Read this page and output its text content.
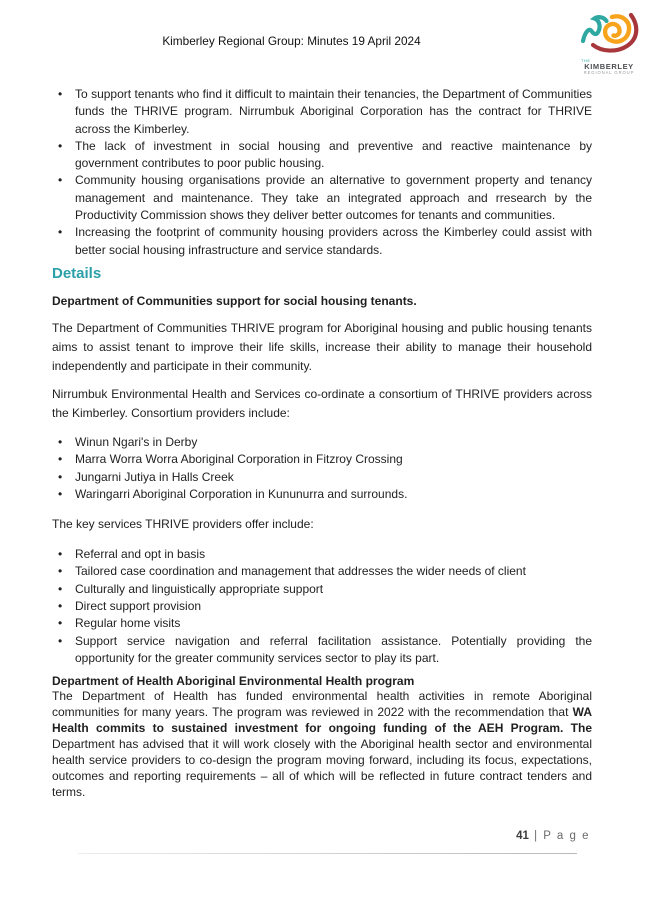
Kimberley Regional Group: Minutes 19 April 2024
THE
KIMBERLEY
REGIONAL GROUP
• To support tenants who find it difficult to maintain their tenancies, the Department of Communities funds the THRIVE program. Nirrumbuk Aboriginal Corporation has the contract for THRIVE across the Kimberley.
• The lack of investment in social housing and preventive and reactive maintenance by government contributes to poor public housing.
• Community housing organisations provide an alternative to government property and tenancy management and maintenance. They take an integrated approach and rresearch by the Productivity Commission shows they deliver better outcomes for tenants and communities.
• Increasing the footprint of community housing providers across the Kimberley could assist with better social housing infrastructure and service standards.
Details

Department of Communities support for social housing tenants.

The Department of Communities THRIVE program for Aboriginal housing and public housing tenants aims to assist tenant to improve their life skills, increase their ability to manage their household independently and participate in their community.

Nirrumbuk Environmental Health and Services co-ordinate a consortium of THRIVE providers across the Kimberley. Consortium providers include:

• Winun Ngari's in Derby
• Marra Worra Worra Aboriginal Corporation in Fitzroy Crossing
• Jungarni Jutiya in Halls Creek
• Waringarri Aboriginal Corporation in Kununurra and surrounds.

The key services THRIVE providers offer include:

• Referral and opt in basis
• Tailored case coordination and management that addresses the wider needs of client
• Culturally and linguistically appropriate support
• Direct support provision
• Regular home visits
• Support service navigation and referral facilitation assistance. Potentially providing the opportunity for the greater community services sector to play its part.

Department of Health Aboriginal Environmental Health program

The Department of Health has funded environmental health activities in remote Aboriginal communities for many years. The program was reviewed in 2022 with the recommendation that WA Health commits to sustained investment for ongoing funding of the AEH Program. The Department has advised that it will work closely with the Aboriginal health sector and environmental health service providers to co-design the program moving forward, including its focus, expectations, outcomes and reporting requirements – all of which will be reflected in future contract tenders and terms.

41 | P a g e
